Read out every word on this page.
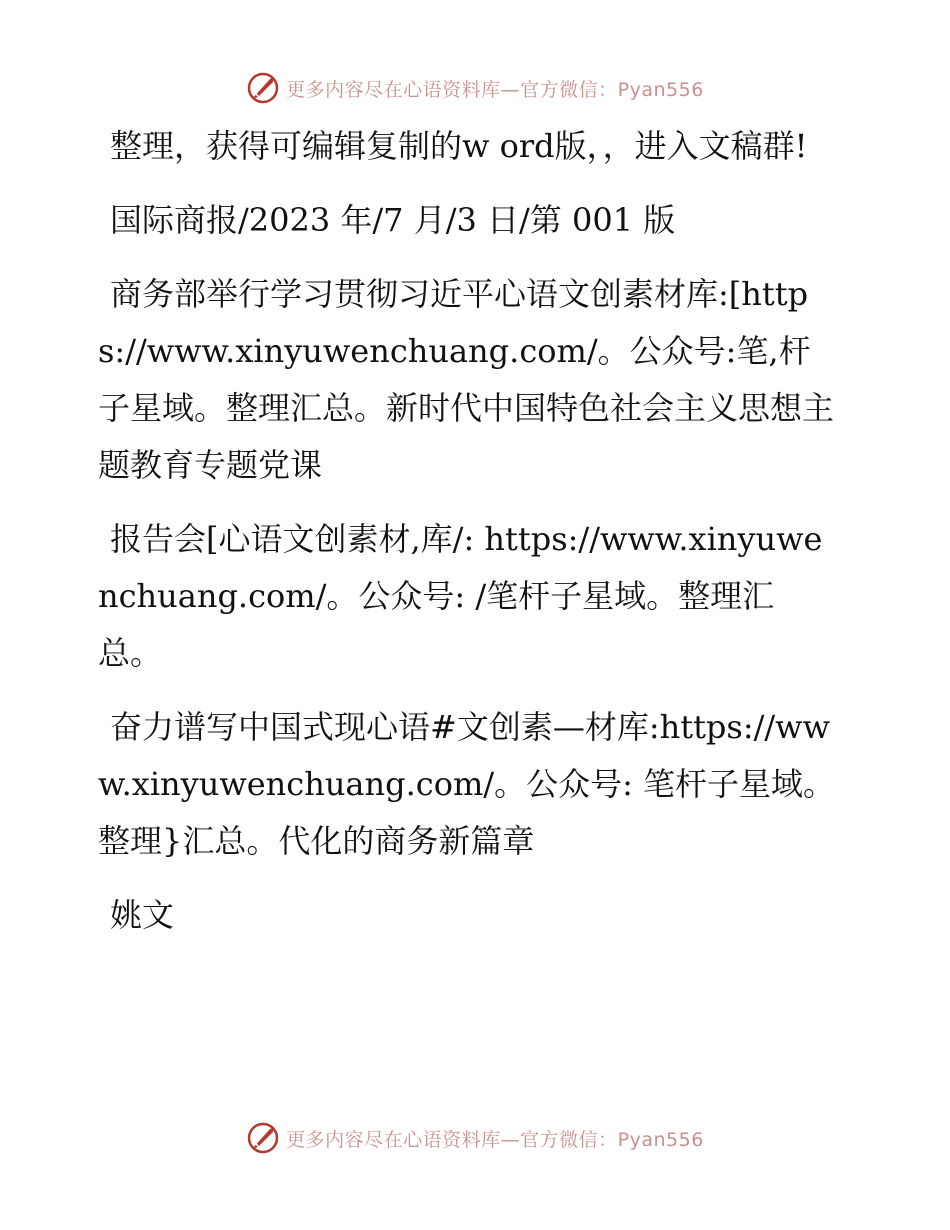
更多内容尽在心语资料库—官方微信：Pyan556

整理，获得可编辑复制的w ord版，，进入文稿群!

国际商报/2023 年/7 月/3 日/第 001 版

商务部举行学习贯彻习近平心语文创素材库:[https://www.xinyuwenchuang.com/。公众号:笔,杆子星域。整理汇总。新时代中国特色社会主义思想主题教育专题党课

报告会[心语文创素材,库/: https://www.xinyuwenchuang.com/。公众号: /笔杆子星域。整理汇总。

奋力谱写中国式现心语#文创素—材库:https://www.xinyuwenchuang.com/。公众号: 笔杆子星域。整理}汇总。代化的商务新篇章

姚文

更多内容尽在心语资料库—官方微信：Pyan556
